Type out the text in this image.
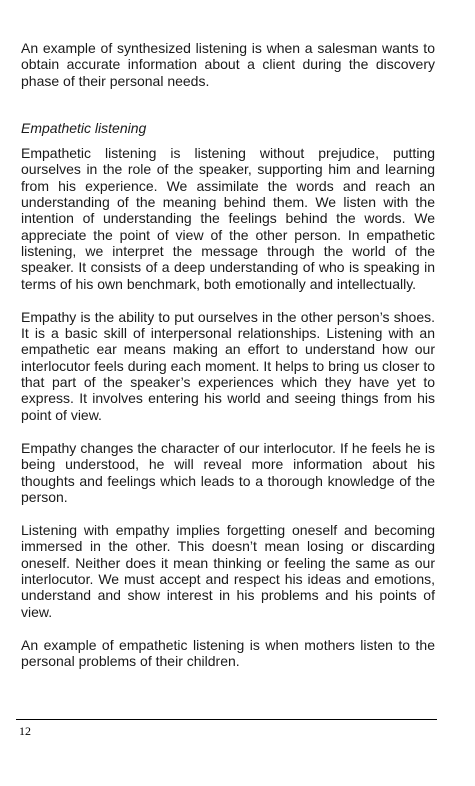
An example of synthesized listening is when a salesman wants to obtain accurate information about a client during the discovery phase of their personal needs.

Empathetic listening

Empathetic listening is listening without prejudice, putting ourselves in the role of the speaker, supporting him and learning from his experience. We assimilate the words and reach an understanding of the meaning behind them. We listen with the intention of understanding the feelings behind the words. We appreciate the point of view of the other person. In empathetic listening, we interpret the message through the world of the speaker. It consists of a deep understanding of who is speaking in terms of his own benchmark, both emotionally and intellectually.

Empathy is the ability to put ourselves in the other person’s shoes. It is a basic skill of interpersonal relationships. Listening with an empathetic ear means making an effort to understand how our interlocutor feels during each moment. It helps to bring us closer to that part of the speaker’s experiences which they have yet to express. It involves entering his world and seeing things from his point of view.

Empathy changes the character of our interlocutor. If he feels he is being understood, he will reveal more information about his thoughts and feelings which leads to a thorough knowledge of the person.

Listening with empathy implies forgetting oneself and becoming immersed in the other. This doesn’t mean losing or discarding oneself. Neither does it mean thinking or feeling the same as our interlocutor. We must accept and respect his ideas and emotions, understand and show interest in his problems and his points of view.

An example of empathetic listening is when mothers listen to the personal problems of their children.

12
